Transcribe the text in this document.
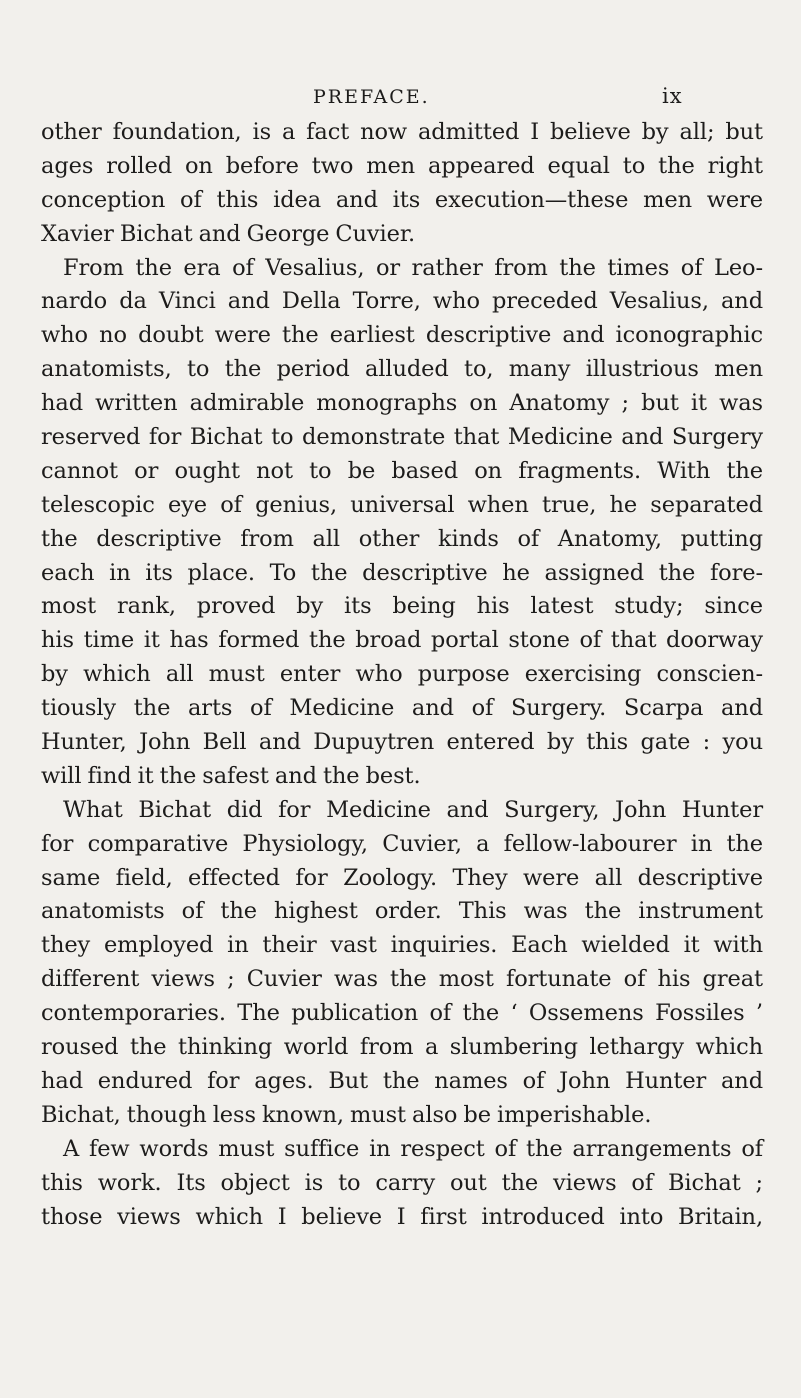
PREFACE.	ix
other foundation, is a fact now admitted I believe by all; but
ages rolled on before two men appeared equal to the right
conception of this idea and its execution—these men were
Xavier Bichat and George Cuvier.
From the era of Vesalius, or rather from the times of Leo-
nardo da Vinci and Della Torre, who preceded Vesalius, and
who no doubt were the earliest descriptive and iconographic
anatomists, to the period alluded to, many illustrious men
had written admirable monographs on Anatomy ; but it was
reserved for Bichat to demonstrate that Medicine and Surgery
cannot or ought not to be based on fragments. With the
telescopic eye of genius, universal when true, he separated
the descriptive from all other kinds of Anatomy, putting
each in its place. To the descriptive he assigned the fore-
most rank, proved by its being his latest study; since
his time it has formed the broad portal stone of that doorway
by which all must enter who purpose exercising conscien-
tiously the arts of Medicine and of Surgery. Scarpa and
Hunter, John Bell and Dupuytren entered by this gate : you
will find it the safest and the best.
What Bichat did for Medicine and Surgery, John Hunter
for comparative Physiology, Cuvier, a fellow-labourer in the
same field, effected for Zoology. They were all descriptive
anatomists of the highest order. This was the instrument
they employed in their vast inquiries. Each wielded it with
different views ; Cuvier was the most fortunate of his great
contemporaries. The publication of the ‘ Ossemens Fossiles ’
roused the thinking world from a slumbering lethargy which
had endured for ages. But the names of John Hunter and
Bichat, though less known, must also be imperishable.
A few words must suffice in respect of the arrangements of
this work. Its object is to carry out the views of Bichat ;
those views which I believe I first introduced into Britain,
